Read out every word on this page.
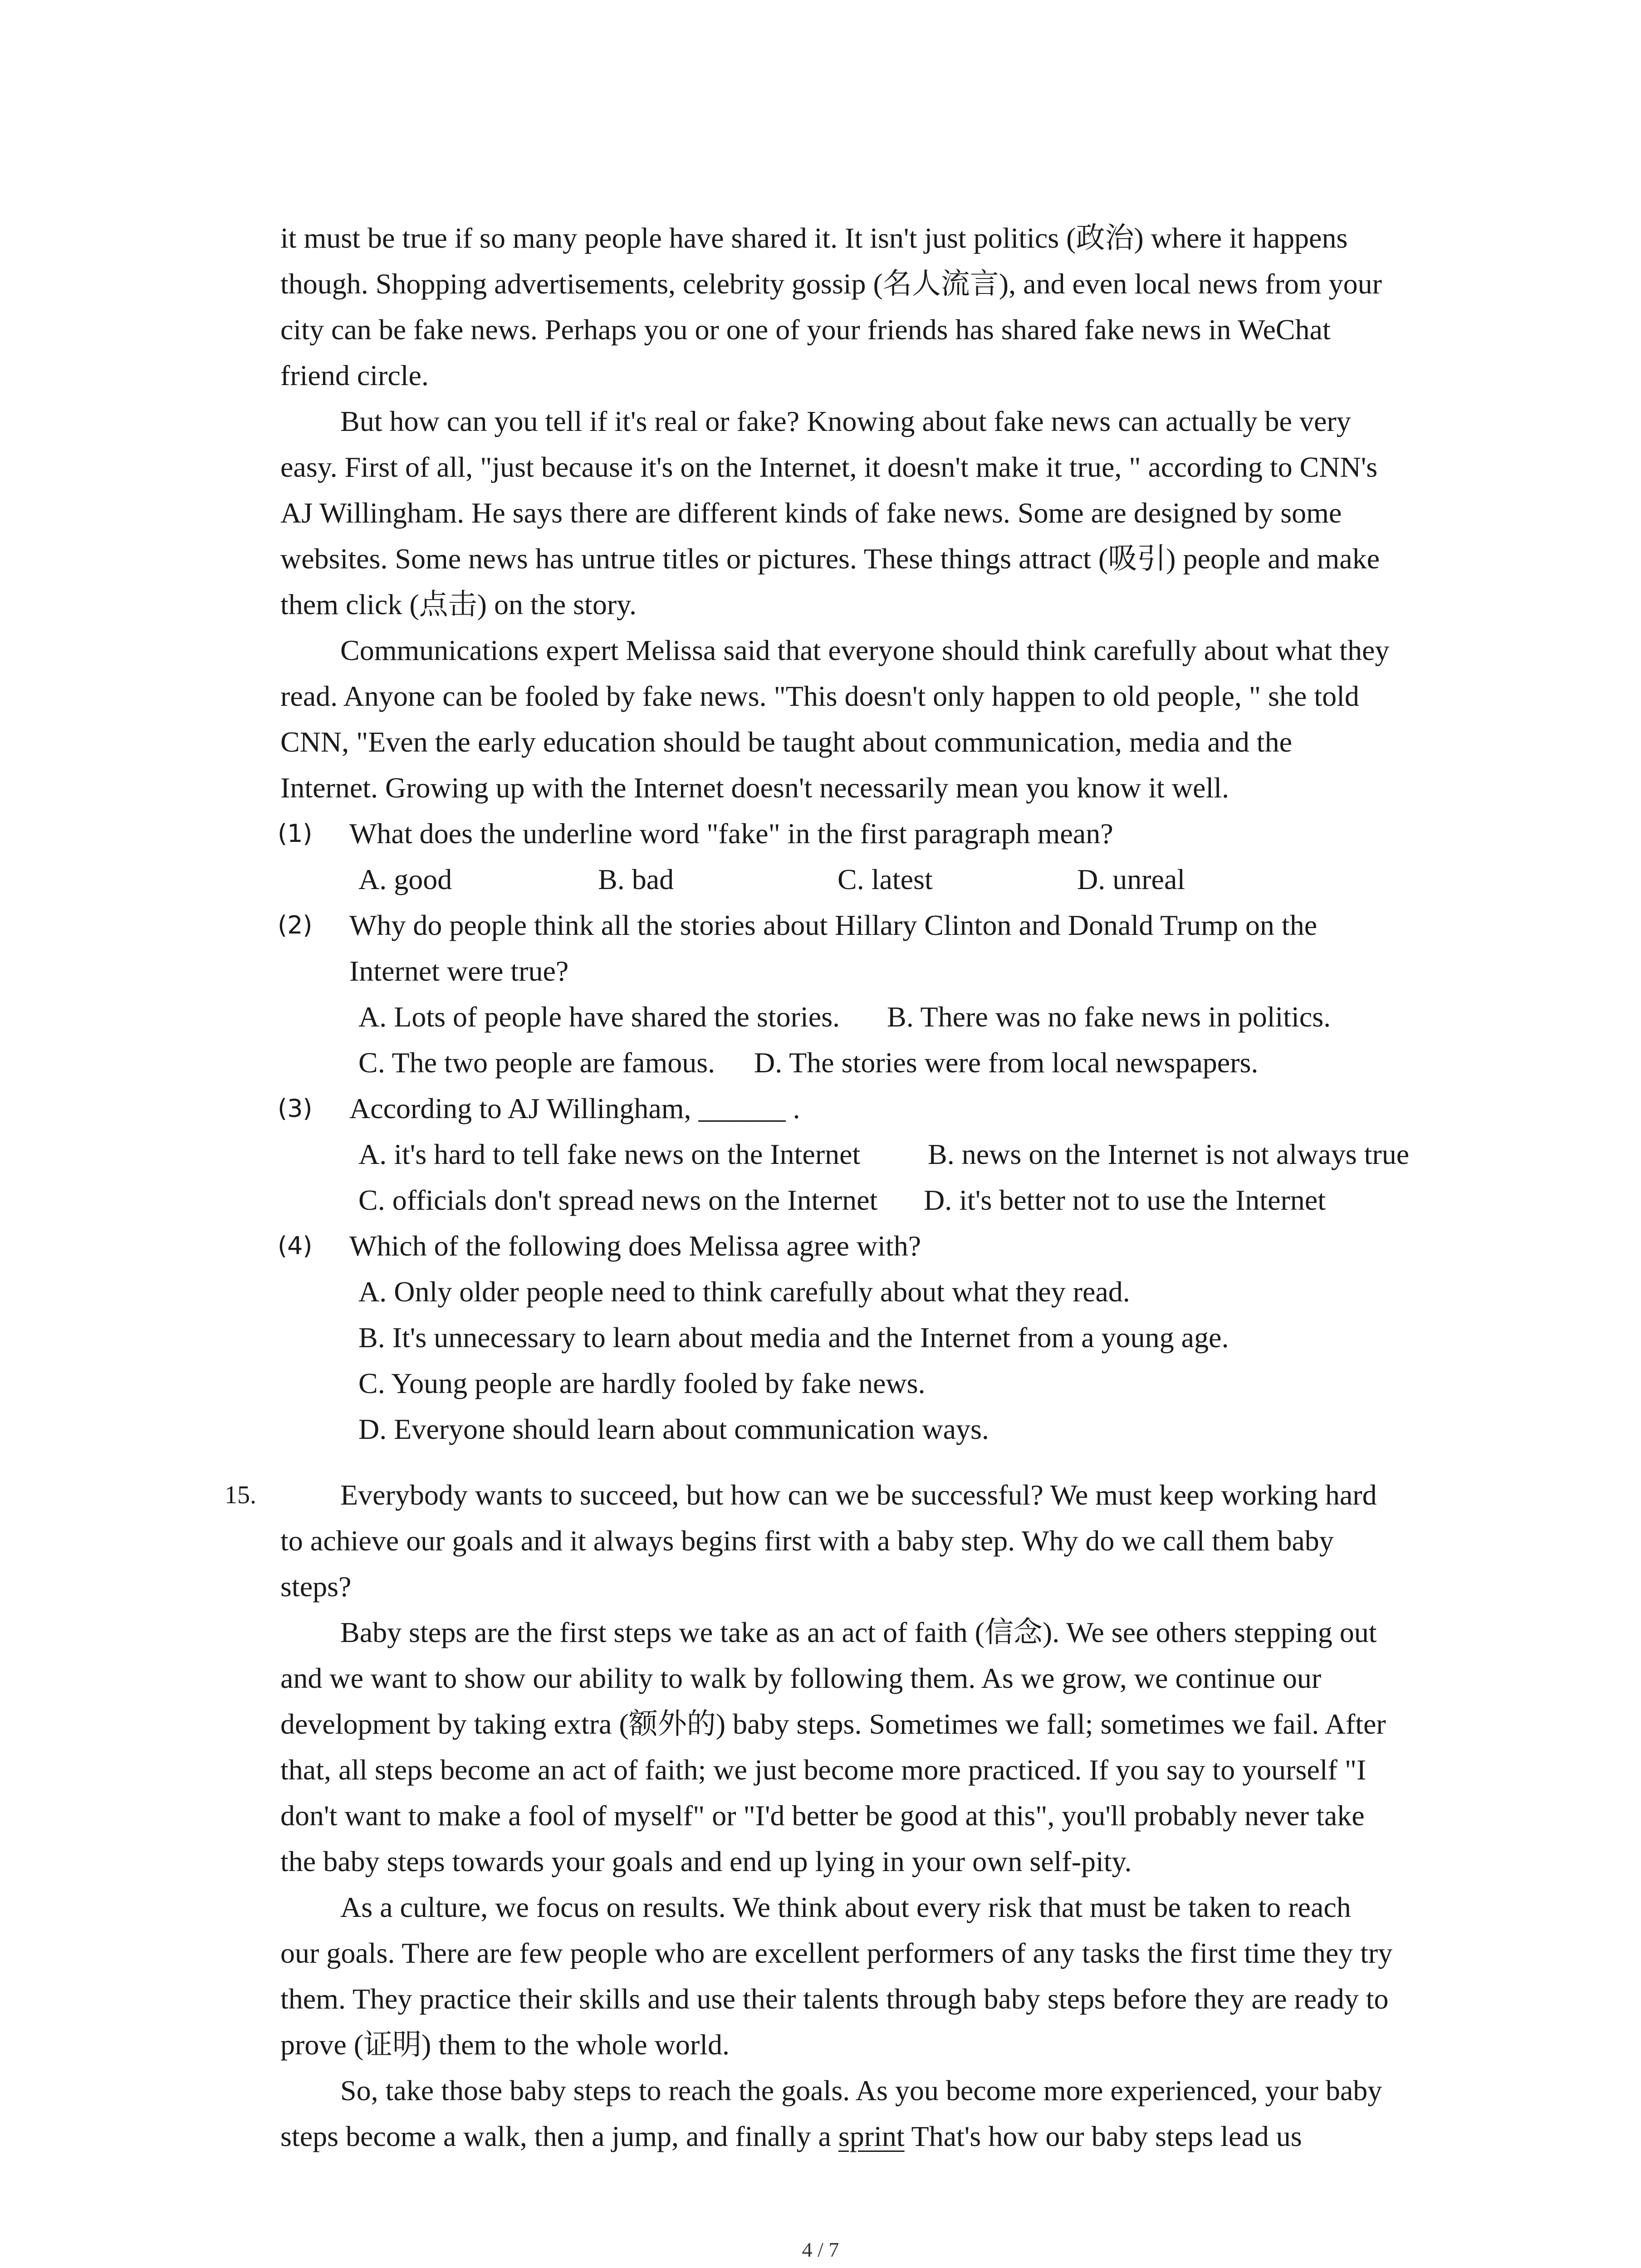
it must be true if so many people have shared it. It isn't just politics (政治) where it happens
though. Shopping advertisements, celebrity gossip (名人流言), and even local news from your
city can be fake news. Perhaps you or one of your friends has shared fake news in WeChat
friend circle.
But how can you tell if it's real or fake? Knowing about fake news can actually be very
easy. First of all, "just because it's on the Internet, it doesn't make it true, " according to CNN's
AJ Willingham. He says there are different kinds of fake news. Some are designed by some
websites. Some news has untrue titles or pictures. These things attract (吸引) people and make
them click (点击) on the story.
Communications expert Melissa said that everyone should think carefully about what they
read. Anyone can be fooled by fake news. "This doesn't only happen to old people, " she told
CNN, "Even the early education should be taught about communication, media and the
Internet. Growing up with the Internet doesn't necessarily mean you know it well.
(1) What does the underline word "fake" in the first paragraph mean?
A. good	B. bad	C. latest	D. unreal
(2) Why do people think all the stories about Hillary Clinton and Donald Trump on the
Internet were true?
A. Lots of people have shared the stories. B. There was no fake news in politics.
C. The two people are famous. D. The stories were from local newspapers.
(3) According to AJ Willingham, ______ .
A. it's hard to tell fake news on the Internet B. news on the Internet is not always true
C. officials don't spread news on the Internet D. it's better not to use the Internet
(4) Which of the following does Melissa agree with?
A. Only older people need to think carefully about what they read.
B. It's unnecessary to learn about media and the Internet from a young age.
C. Young people are hardly fooled by fake news.
D. Everyone should learn about communication ways.
15.	Everybody wants to succeed, but how can we be successful? We must keep working hard
to achieve our goals and it always begins first with a baby step. Why do we call them baby
steps?
Baby steps are the first steps we take as an act of faith (信念). We see others stepping out
and we want to show our ability to walk by following them. As we grow, we continue our
development by taking extra (额外的) baby steps. Sometimes we fall; sometimes we fail. After
that, all steps become an act of faith; we just become more practiced. If you say to yourself "I
don't want to make a fool of myself" or "I'd better be good at this", you'll probably never take
the baby steps towards your goals and end up lying in your own self-pity.
As a culture, we focus on results. We think about every risk that must be taken to reach
our goals. There are few people who are excellent performers of any tasks the first time they try
them. They practice their skills and use their talents through baby steps before they are ready to
prove (证明) them to the whole world.
So, take those baby steps to reach the goals. As you become more experienced, your baby
steps become a walk, then a jump, and finally a sprint That's how our baby steps lead us
4 / 7
